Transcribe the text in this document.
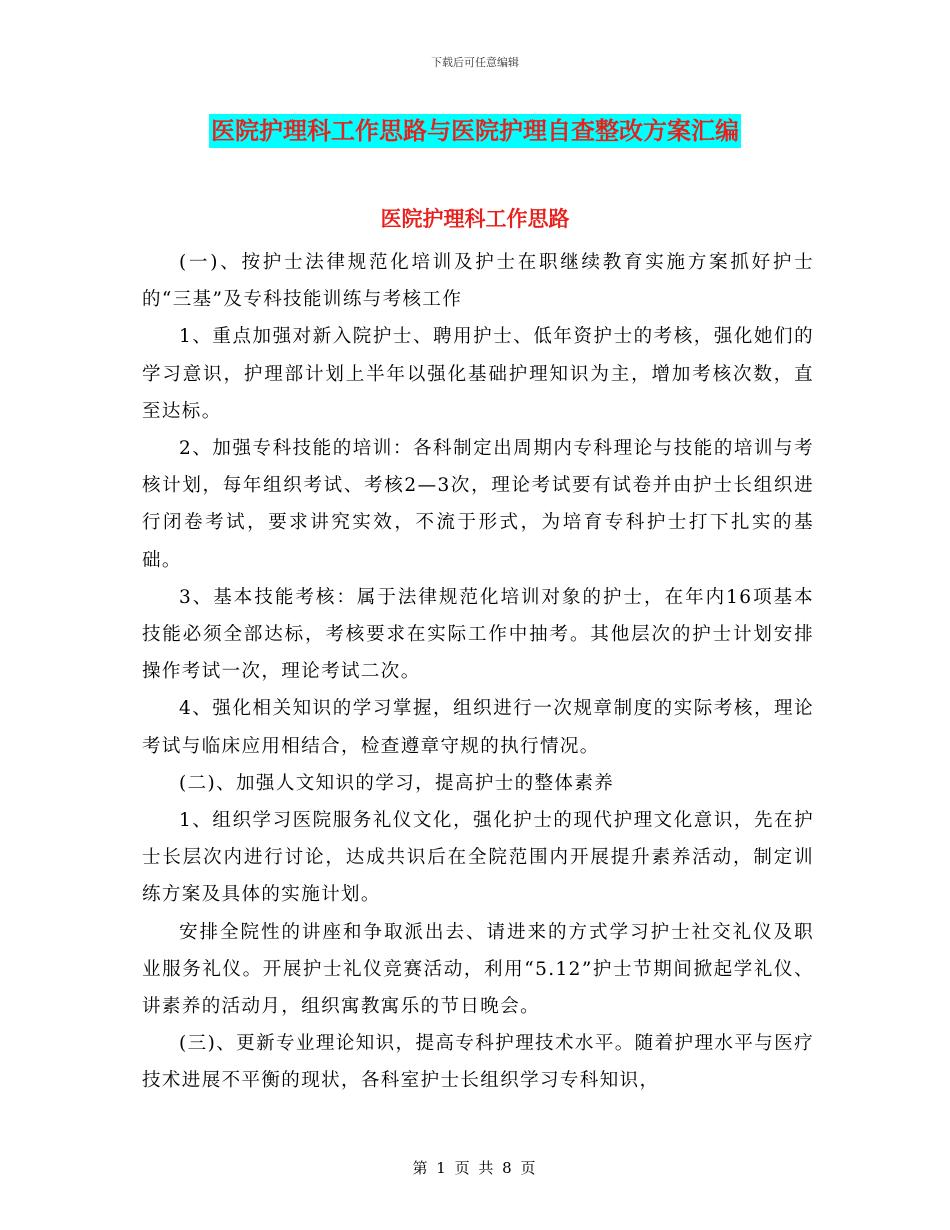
下载后可任意编辑
医院护理科工作思路与医院护理自查整改方案汇编
医院护理科工作思路

(一)、按护士法律规范化培训及护士在职继续教育实施方案抓好护士的“三基”及专科技能训练与考核工作

1、重点加强对新入院护士、聘用护士、低年资护士的考核，强化她们的学习意识，护理部计划上半年以强化基础护理知识为主，增加考核次数，直至达标。

2、加强专科技能的培训：各科制定出周期内专科理论与技能的培训与考核计划，每年组织考试、考核2—3次，理论考试要有试卷并由护士长组织进行闭卷考试，要求讲究实效，不流于形式，为培育专科护士打下扎实的基础。

3、基本技能考核：属于法律规范化培训对象的护士，在年内16项基本技能必须全部达标，考核要求在实际工作中抽考。其他层次的护士计划安排操作考试一次，理论考试二次。

4、强化相关知识的学习掌握，组织进行一次规章制度的实际考核，理论考试与临床应用相结合，检查遵章守规的执行情况。

(二)、加强人文知识的学习，提高护士的整体素养

1、组织学习医院服务礼仪文化，强化护士的现代护理文化意识，先在护士长层次内进行讨论，达成共识后在全院范围内开展提升素养活动，制定训练方案及具体的实施计划。

安排全院性的讲座和争取派出去、请进来的方式学习护士社交礼仪及职业服务礼仪。开展护士礼仪竞赛活动，利用“5.12”护士节期间掀起学礼仪、讲素养的活动月，组织寓教寓乐的节日晚会。

(三)、更新专业理论知识，提高专科护理技术水平。随着护理水平与医疗技术进展不平衡的现状，各科室护士长组织学习专科知识，

第 1 页 共 8 页
